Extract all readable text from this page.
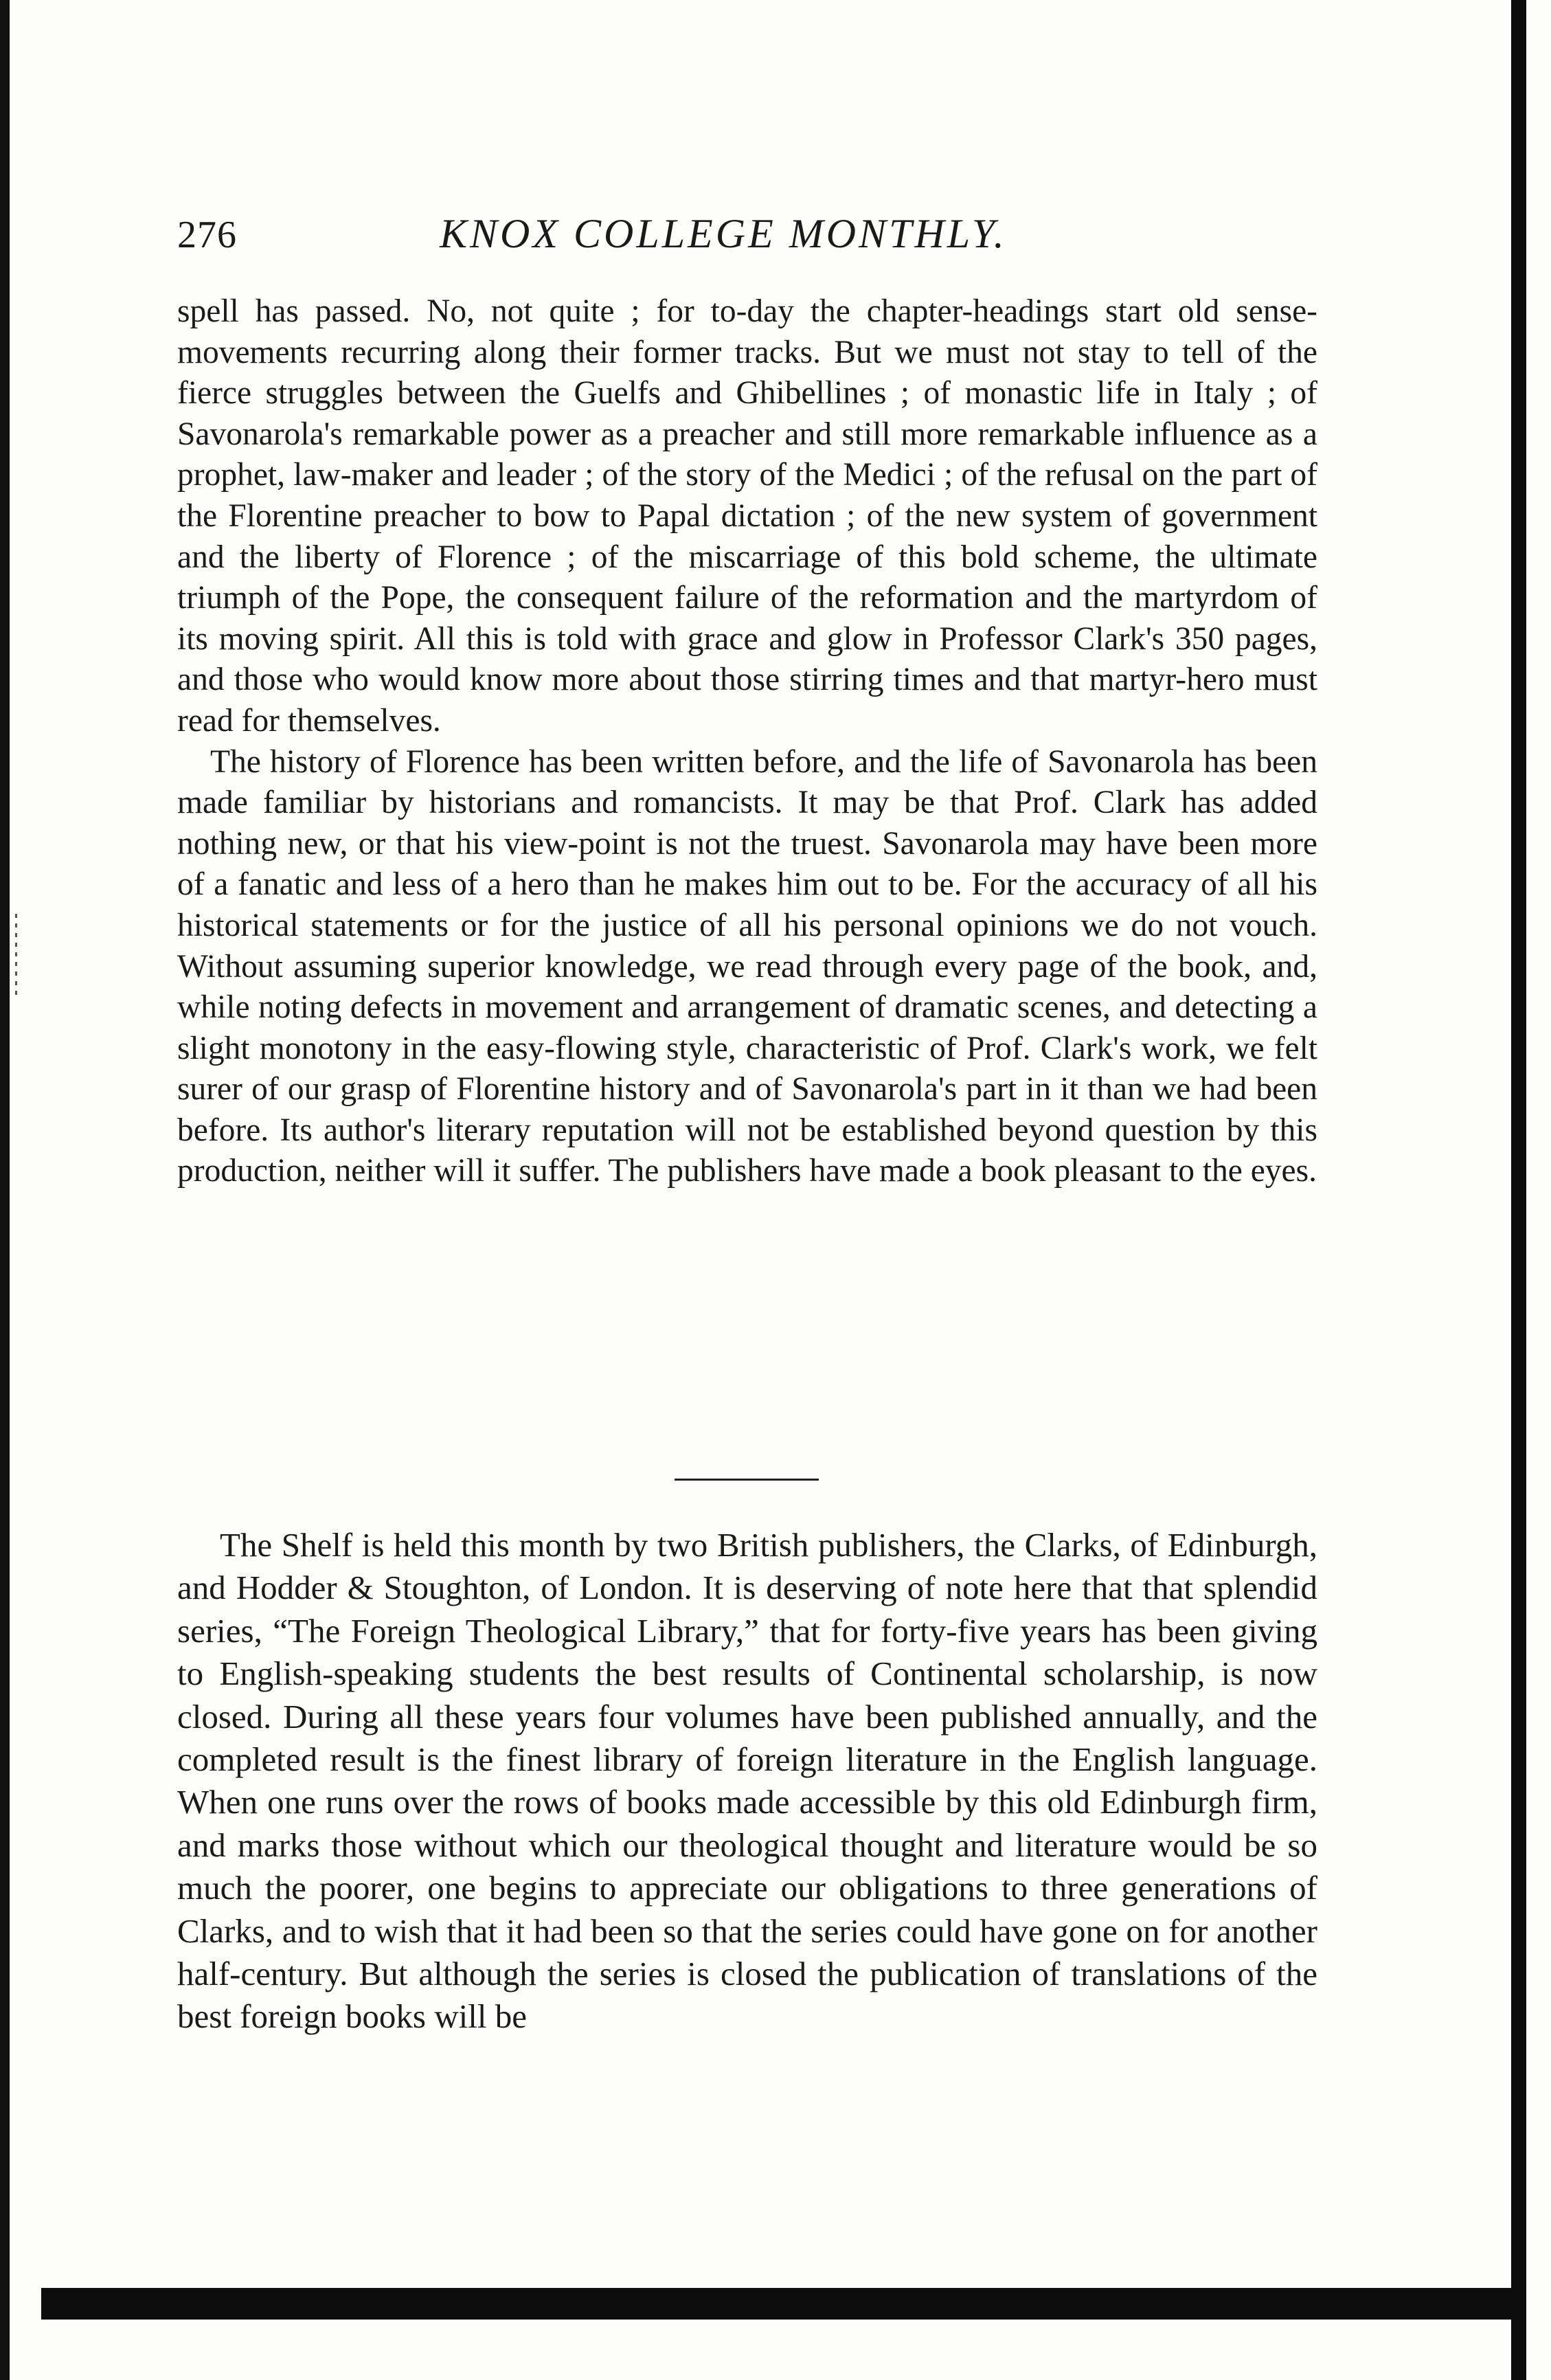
276	KNOX COLLEGE MONTHLY.

spell has passed. No, not quite ; for to-day the chapter-headings start old sense-movements recurring along their former tracks. But we must not stay to tell of the fierce struggles between the Guelfs and Ghibellines ; of monastic life in Italy ; of Savonarola's remarkable power as a preacher and still more remarkable influence as a prophet, law-maker and leader ; of the story of the Medici ; of the refusal on the part of the Florentine preacher to bow to Papal dictation ; of the new system of government and the liberty of Florence ; of the miscarriage of this bold scheme, the ultimate triumph of the Pope, the consequent failure of the reformation and the martyrdom of its moving spirit. All this is told with grace and glow in Professor Clark's 350 pages, and those who would know more about those stirring times and that martyr-hero must read for themselves.

The history of Florence has been written before, and the life of Savonarola has been made familiar by historians and romancists. It may be that Prof. Clark has added nothing new, or that his view-point is not the truest. Savonarola may have been more of a fanatic and less of a hero than he makes him out to be. For the accuracy of all his historical statements or for the justice of all his personal opinions we do not vouch. Without assuming superior knowledge, we read through every page of the book, and, while noting defects in movement and arrangement of dramatic scenes, and detecting a slight monotony in the easy-flowing style, characteristic of Prof. Clark's work, we felt surer of our grasp of Florentine history and of Savonarola's part in it than we had been before. Its author's literary reputation will not be established beyond question by this production, neither will it suffer. The publishers have made a book pleasant to the eyes.

The Shelf is held this month by two British publishers, the Clarks, of Edinburgh, and Hodder & Stoughton, of London. It is deserving of note here that that splendid series, “The Foreign Theological Library,” that for forty-five years has been giving to English-speaking students the best results of Continental scholarship, is now closed. During all these years four volumes have been published annually, and the completed result is the finest library of foreign literature in the English language. When one runs over the rows of books made accessible by this old Edinburgh firm, and marks those without which our theological thought and literature would be so much the poorer, one begins to appreciate our obligations to three generations of Clarks, and to wish that it had been so that the series could have gone on for another half-century. But although the series is closed the publication of translations of the best foreign books will be
